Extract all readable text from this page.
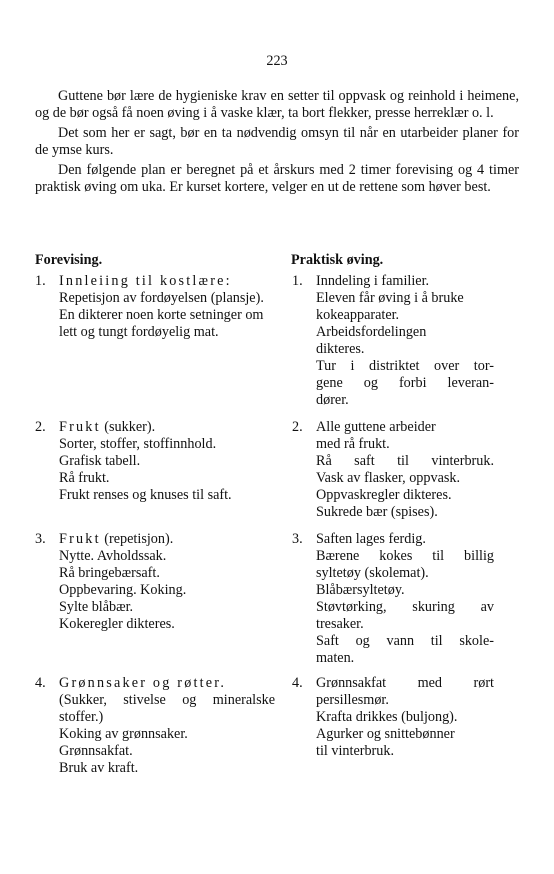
223

Guttene bør lære de hygieniske krav en setter til oppvask og reinhold i heimene, og de bør også få noen øving i å vaske klær, ta bort flekker, presse herreklær o. l.

Det som her er sagt, bør en ta nødvendig omsyn til når en utarbeider planer for de ymse kurs.

Den følgende plan er beregnet på et årskurs med 2 timer forevising og 4 timer praktisk øving om uka. Er kurset kortere, velger en ut de rettene som høver best.

Forevising.	Praktisk øving.
1. Innleiing til kostlære:
Repetisjon av fordøyelsen (plansje).
En dikterer noen korte setninger om
lett og tungt fordøyelig mat.
2. Frukt (sukker).
Sorter, stoffer, stoffinnhold.
Grafisk tabell.
Rå frukt.
Frukt renses og knuses til saft.
3. Frukt (repetisjon).
Nytte. Avholdssak.
Rå bringebærsaft.
Oppbevaring. Koking.
Sylte blåbær.
Kokeregler dikteres.
4. Grønnsaker og røtter.
(Sukker, stivelse og mineralske
stoffer.)
Koking av grønnsaker.
Grønnsakfat.
Bruk av kraft.
1. Inndeling i familier.
Eleven får øving i å bruke
kokeapparater.
Arbeidsfordelingen
dikteres.
Tur i distriktet over tor-
gene og forbi leveran-
dører.
2. Alle guttene arbeider
med rå frukt.
Rå saft til vinterbruk.
Vask av flasker, oppvask.
Oppvaskregler dikteres.
Sukrede bær (spises).
3. Saften lages ferdig.
Bærene kokes til billig
syltetøy (skolemat).
Blåbærsyltetøy.
Støvtørking, skuring av
tresaker.
Saft og vann til skole-
maten.
4. Grønnsakfat med rørt
persillesmør.
Krafta drikkes (buljong).
Agurker og snittebønner
til vinterbruk.
